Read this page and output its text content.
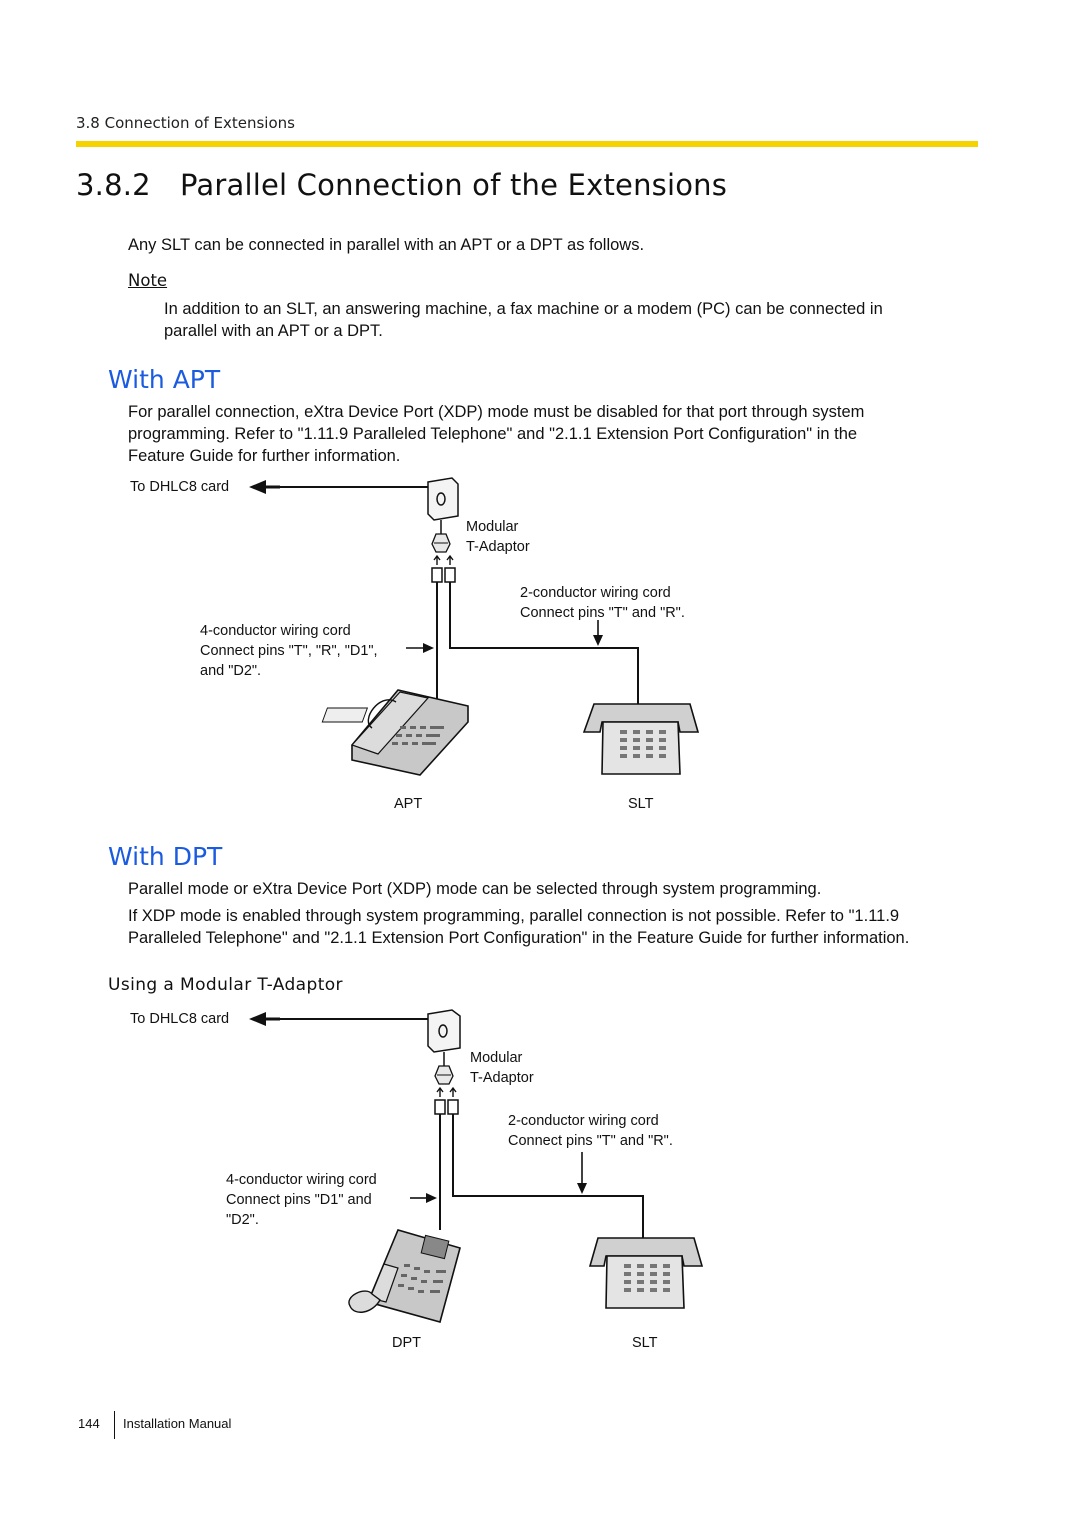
3.8 Connection of Extensions
3.8.2 Parallel Connection of the Extensions
Any SLT can be connected in parallel with an APT or a DPT as follows.
Note
In addition to an SLT, an answering machine, a fax machine or a modem (PC) can be connected in
parallel with an APT or a DPT.
With APT
For parallel connection, eXtra Device Port (XDP) mode must be disabled for that port through system
programming. Refer to "1.11.9 Paralleled Telephone" and "2.1.1 Extension Port Configuration" in the
Feature Guide for further information.
To DHLC8 card
Modular
T-Adaptor
2-conductor wiring cord
Connect pins "T" and "R".
4-conductor wiring cord
Connect pins "T", "R", "D1",
and "D2".
APT	SLT
With DPT
Parallel mode or eXtra Device Port (XDP) mode can be selected through system programming.
If XDP mode is enabled through system programming, parallel connection is not possible. Refer to "1.11.9
Paralleled Telephone" and "2.1.1 Extension Port Configuration" in the Feature Guide for further information.
Using a Modular T-Adaptor
To DHLC8 card
Modular
T-Adaptor
2-conductor wiring cord
Connect pins "T" and "R".
4-conductor wiring cord
Connect pins "D1" and
"D2".
DPT	SLT
144 Installation Manual
